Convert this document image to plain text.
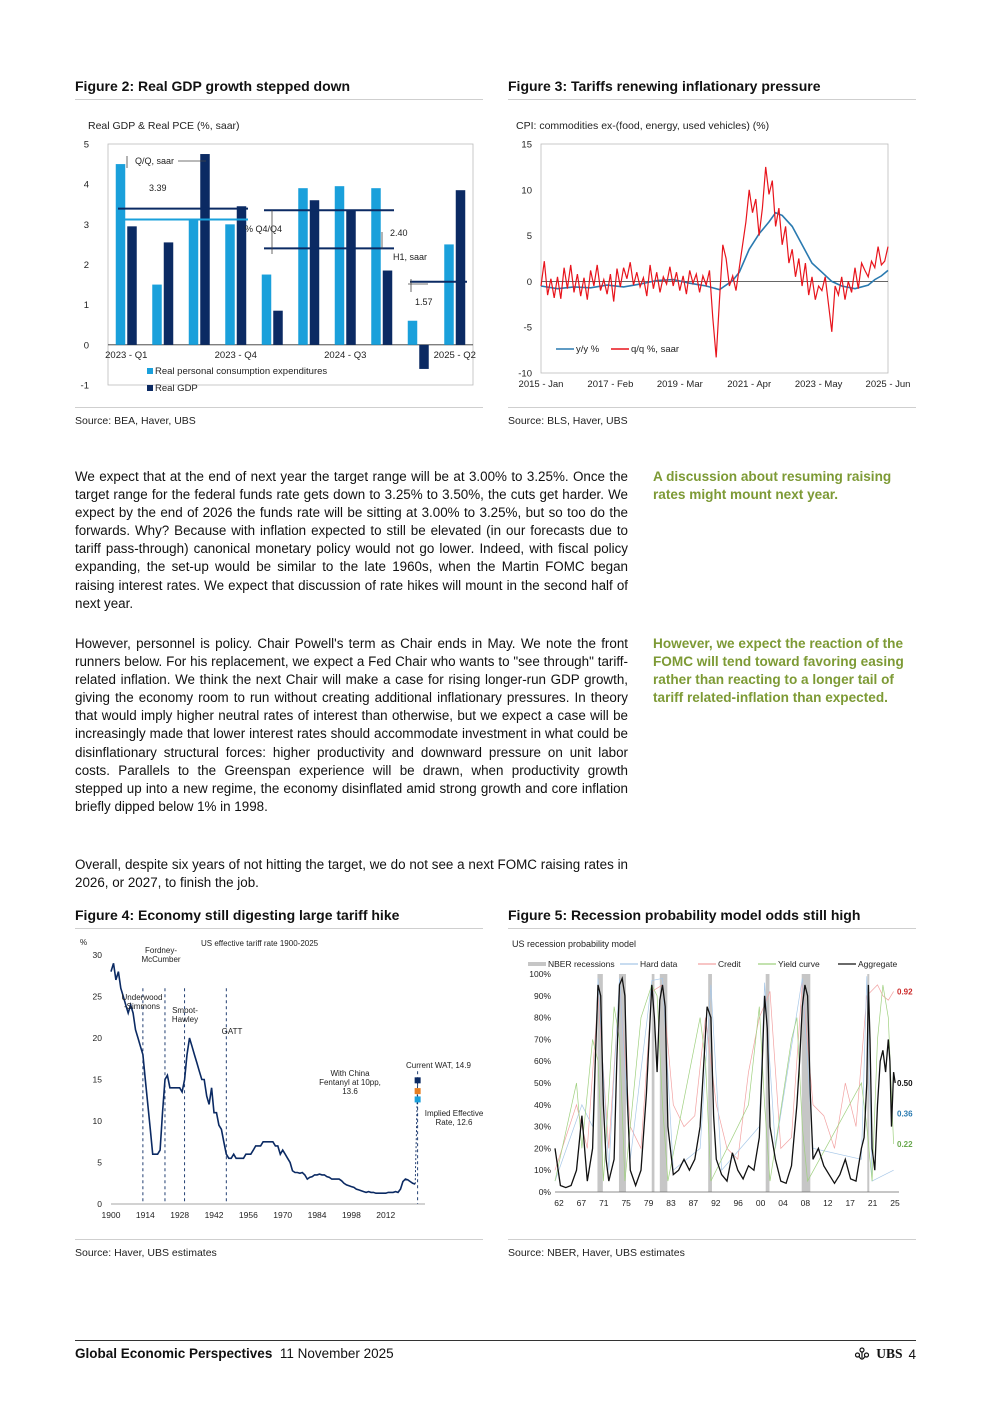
Figure 2: Real GDP growth stepped down
Real GDP & Real PCE (%, saar)
5
4
3
2
1
0
-1
2023 - Q1	2023 - Q4	2024 - Q3	2025 - Q2
Q/Q, saar
3.39
% Q4/Q4	2.40
H1, saar
1.57
Real personal consumption expenditures
Real GDP
Source: BEA, Haver, UBS
Figure 3: Tariffs renewing inflationary pressure
CPI: commodities ex-(food, energy, used vehicles) (%)
15
10
5
0
-5
-10
2015 - Jan	2017 - Feb 2019 - Mar	2021 - Apr 2023 - May 2025 - Jun
y/y %	q/q %, saar
Source: BLS, Haver, UBS

We expect that at the end of next year the target range will be at 3.00% to 3.25%. Once the target range for the federal funds rate gets down to 3.25% to 3.50%, the cuts get harder. We expect by the end of 2026 the funds rate will be sitting at 3.00% to 3.25%, but so too do the forwards. Why? Because with inflation expected to still be elevated (in our forecasts due to tariff pass-through) canonical monetary policy would not go lower. Indeed, with fiscal policy expanding, the set-up would be similar to the late 1960s, when the Martin FOMC began raising interest rates. We expect that discussion of rate hikes will mount in the second half of next year.

A discussion about resuming raising rates might mount next year.

However, personnel is policy. Chair Powell's term as Chair ends in May. We note the front runners below. For his replacement, we expect a Fed Chair who wants to "see through" tariff-related inflation. We think the next Chair will make a case for rising longer-run GDP growth, giving the economy room to run without creating additional inflationary pressures. In theory that would imply higher neutral rates of interest than otherwise, but we expect a case will be increasingly made that lower interest rates should accommodate investment in what could be disinflationary structural forces: higher productivity and downward pressure on unit labor costs. Parallels to the Greenspan experience will be drawn, when productivity growth stepped up into a new regime, the economy disinflated amid strong growth and core inflation briefly dipped below 1% in 1998.

However, we expect the reaction of the FOMC will tend toward favoring easing rather than reacting to a longer tail of tariff related-inflation than expected.

Overall, despite six years of not hitting the target, we do not see a next FOMC raising rates in 2026, or 2027, to finish the job.

Figure 4: Economy still digesting large tariff hike
%	US effective tariff rate 1900-2025
30
25
20
15
10
5
0
1900 1914 1928 1942 1956 1970 1984 1998 2012
Fordney-
McCumber
Underwood
-Simmons Smoot-
Hawley
GATT
Current WAT, 14.9
With China
Fentanyl at 10pp,
13.6
Implied Effective
Rate, 12.6
Source: Haver, UBS estimates
Figure 5: Recession probability model odds still high
US recession probability model
100%
90%
80%
70%
60%
50%
40%
30%
20%
10%
0%
62 67 71 75 79 83 87 92 96 00 04 08 12 17 21 25
0.92
0.50
0.36
0.22
NBER recessions	Hard data	Credit	Yield curve	Aggregate
Source: NBER, Haver, UBS estimates
Global Economic Perspectives 11 November 2025	UBS 4
